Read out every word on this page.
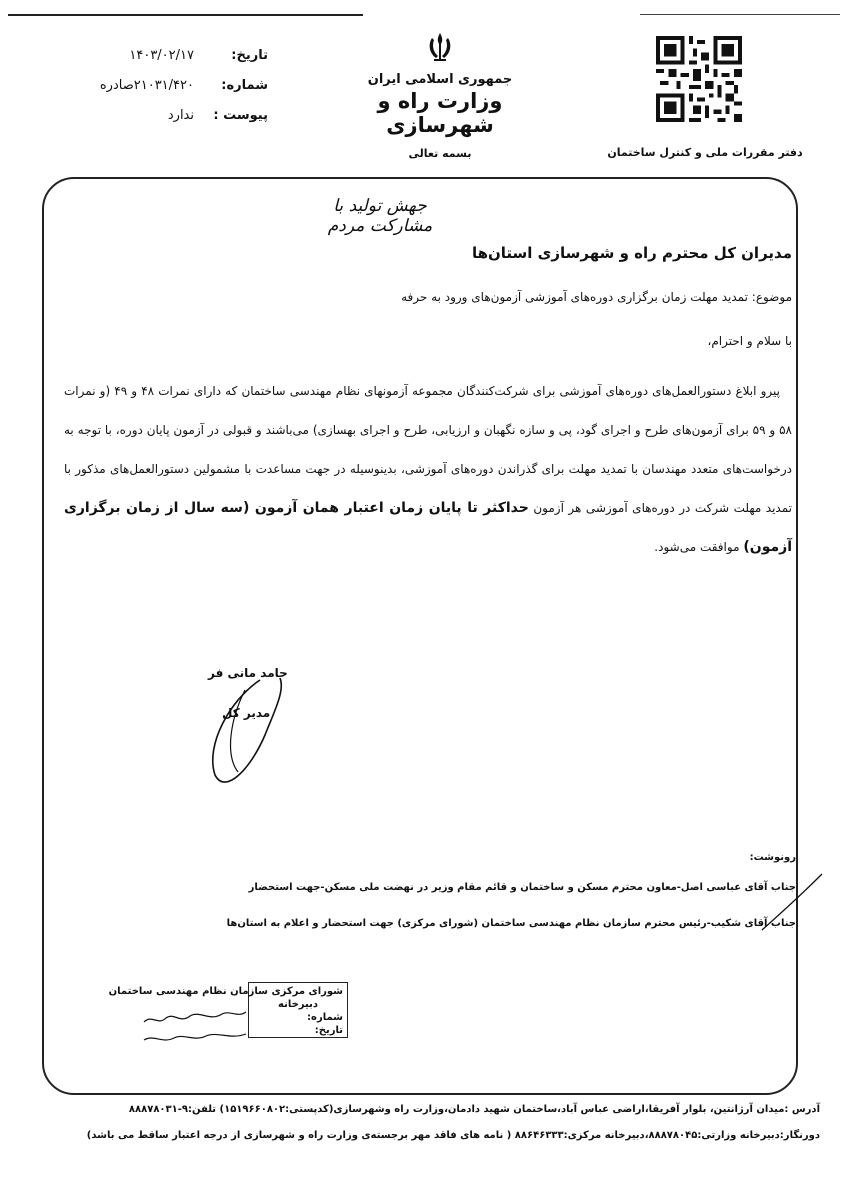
تاریخ:
۱۴۰۳/۰۲/۱۷
شماره:
۲۱۰۳۱/۴۲۰صادره
پیوست :
ندارد
جمهوری اسلامی ایران
وزارت راه و شهرسازی
بسمه تعالی	دفتر مقررات ملی و کنترل ساختمان
جهش تولید با مشارکت مردم
مدیران کل محترم راه و شهرسازی استان‌ها
موضوع: تمدید مهلت زمان برگزاری دوره‌های آموزشی آزمون‌های ورود به حرفه
با سلام و احترام،
پیرو ابلاغ دستورالعمل‌های دوره‌های آموزشی برای شرکت‌کنندگان مجموعه آزمونهای نظام مهندسی ساختمان که دارای نمرات ۴۸ و ۴۹ (و نمرات ۵۸ و ۵۹ برای آزمون‌های طرح و اجرای گود، پی و سازه نگهبان و ارزیابی، طرح و اجرای بهسازی) می‌باشند و قبولی در آزمون پایان دوره، با توجه به درخواست‌های متعدد مهندسان با تمدید مهلت برای گذراندن دوره‌های آموزشی، بدینوسیله در جهت مساعدت با مشمولین دستورالعمل‌های مذکور با تمدید مهلت شرکت در دوره‌های آموزشی هر آزمون حداکثر تا پایان زمان اعتبار همان آزمون (سه سال از زمان برگزاری آزمون) موافقت می‌شود.
حامد مانی فر
مدیر کل
رونوشت:
جناب آقای عباسی اصل-معاون محترم مسکن و ساختمان و قائم مقام وزیر در نهضت ملی مسکن-جهت استحضار
جناب آقای شکیب-رئیس محترم سازمان نظام مهندسی ساختمان (شورای مرکزی) جهت استحضار و اعلام به استان‌ها
شورای مرکزی سازمان نظام مهندسی ساختمان
دبیرخانه
شماره:
تاریخ:
آدرس :میدان آرژانتین، بلوار آفریقا،اراضی عباس آباد،ساختمان شهید دادمان،وزارت راه وشهرسازی(کدپستی:۱۵۱۹۶۶۰۸۰۲) تلفن:۹-۸۸۸۷۸۰۳۱
دورنگار:دبیرخانه وزارتی:۸۸۸۷۸۰۴۵،دبیرخانه مرکزی:۸۸۶۴۶۳۳۳ ( نامه های فاقد مهر برجسته‌ی وزارت راه و شهرسازی از درجه اعتبار ساقط می باشد)
